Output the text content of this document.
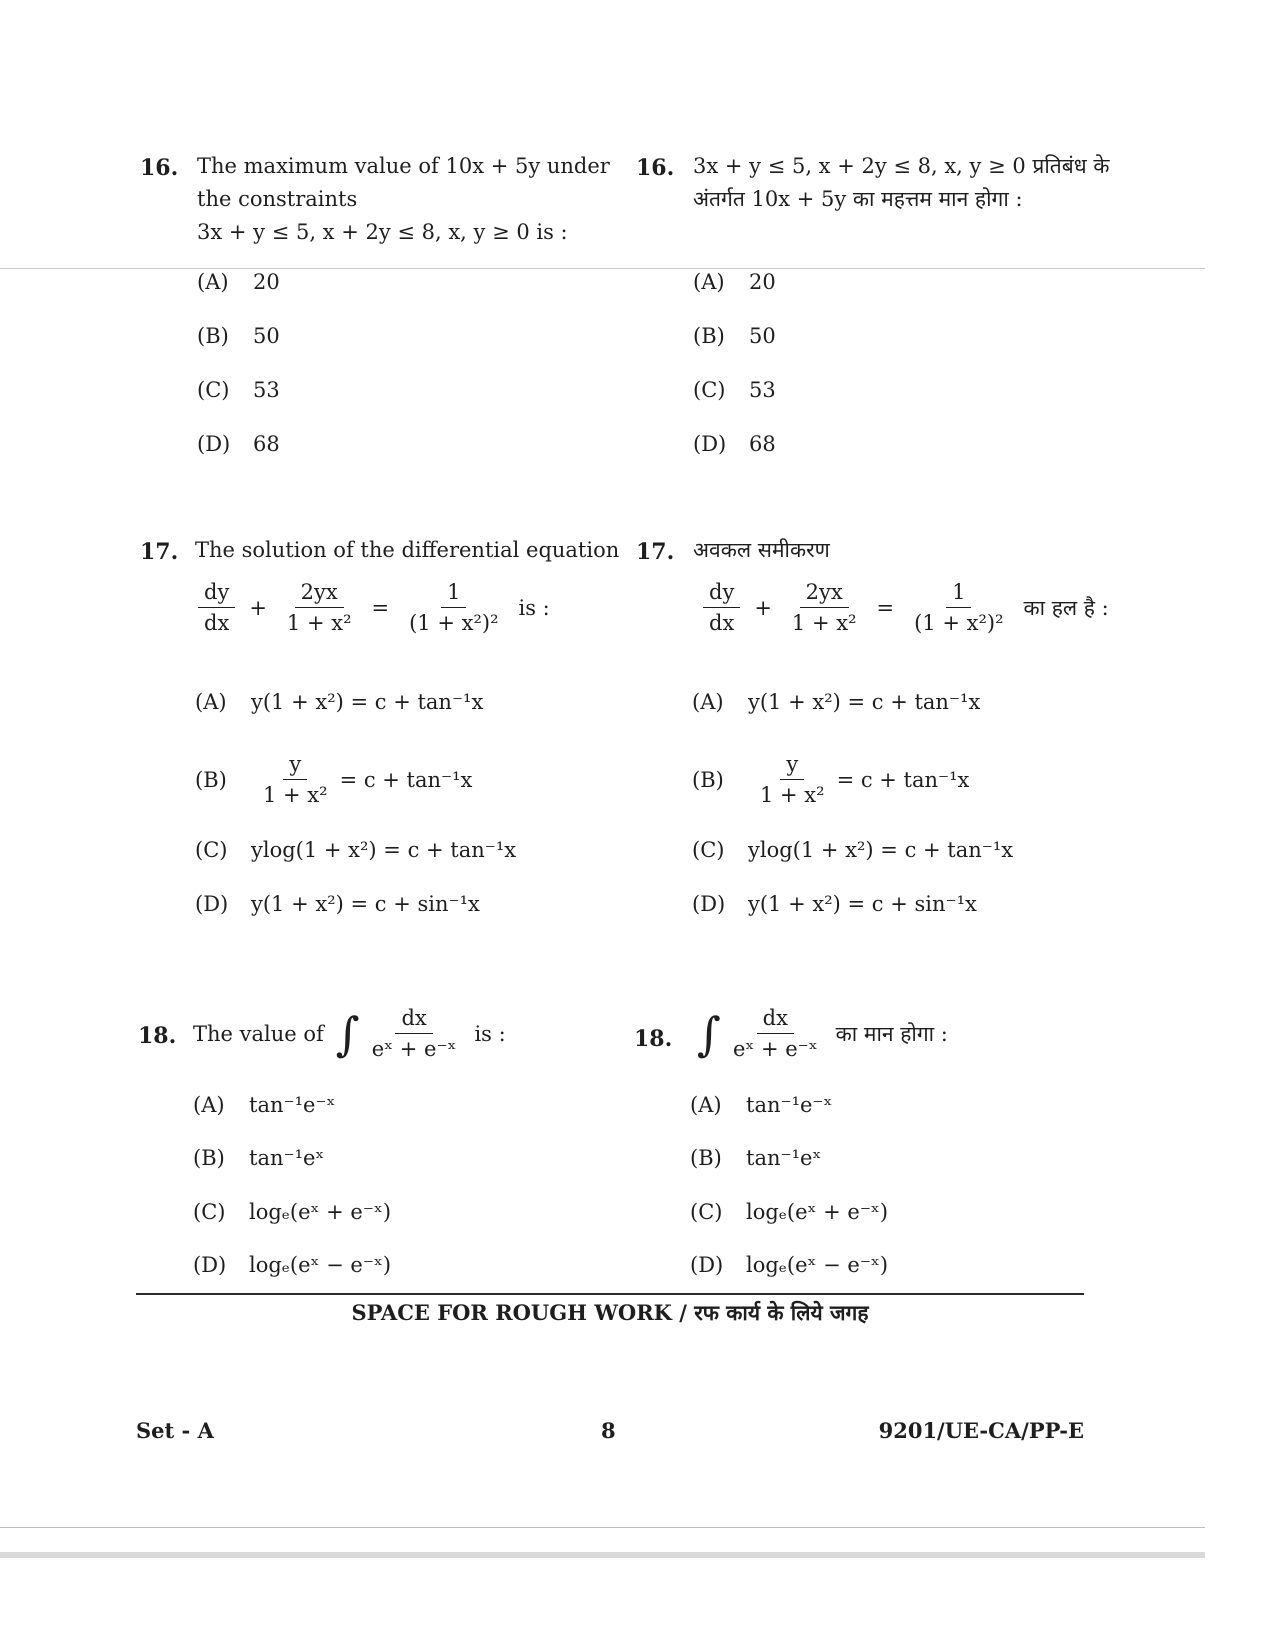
16. The maximum value of 10x + 5y under
the constraints
3x + y ≤ 5, x + 2y ≤ 8, x, y ≥ 0 is :
16. 3x + y ≤ 5, x + 2y ≤ 8, x, y ≥ 0 प्रतिबंध के
अंतर्गत 10x + 5y का महत्तम मान होगा :
(A)	20
(B)	50
(C)	53
(D)	68
(A)	20
(B)	50
(C)	53
(D)	68
17. The solution of the differential equation
$\frac{dy}{dx} + \frac{2yx}{\text{1 + x²}} = \frac{1}{\text{(1 + x²)²}}$ is :
17. अवकल समीकरण
$\frac{dy}{dx} + \frac{2yx}{\text{1 + x²}} = \frac{1}{\text{(1 + x²)²}}$ का हल है :
(A)	y(1 + x²) = c + tan⁻¹x
(B)	$\frac{y}{\text{1 + x²}} = c + \tan^{-1}x$
(C)	ylog(1 + x²) = c + tan⁻¹x
(D)	y(1 + x²) = c + sin⁻¹x
(A)	y(1 + x²) = c + tan⁻¹x
(B)	$\frac{y}{\text{1 + x²}} = c + \tan^{-1}x$
(C)	ylog(1 + x²) = c + tan⁻¹x
(D)	y(1 + x²) = c + sin⁻¹x
18. The value of ∫ $\frac{dx}{\text{eˣ + e⁻ˣ}}$ is :	18. ∫ $\frac{dx}{\text{eˣ + e⁻ˣ}}$ का मान होगा :
(A)	tan⁻¹e⁻ˣ
(B)	tan⁻¹eˣ
(C)	logₑ(eˣ + e⁻ˣ)
(D)	logₑ(eˣ − e⁻ˣ)
(A)	tan⁻¹e⁻ˣ
(B)	tan⁻¹eˣ
(C)	logₑ(eˣ + e⁻ˣ)
(D)	logₑ(eˣ − e⁻ˣ)
SPACE FOR ROUGH WORK / रफ कार्य के लिये जगह
Set - A	8	9201/UE-CA/PP-E
